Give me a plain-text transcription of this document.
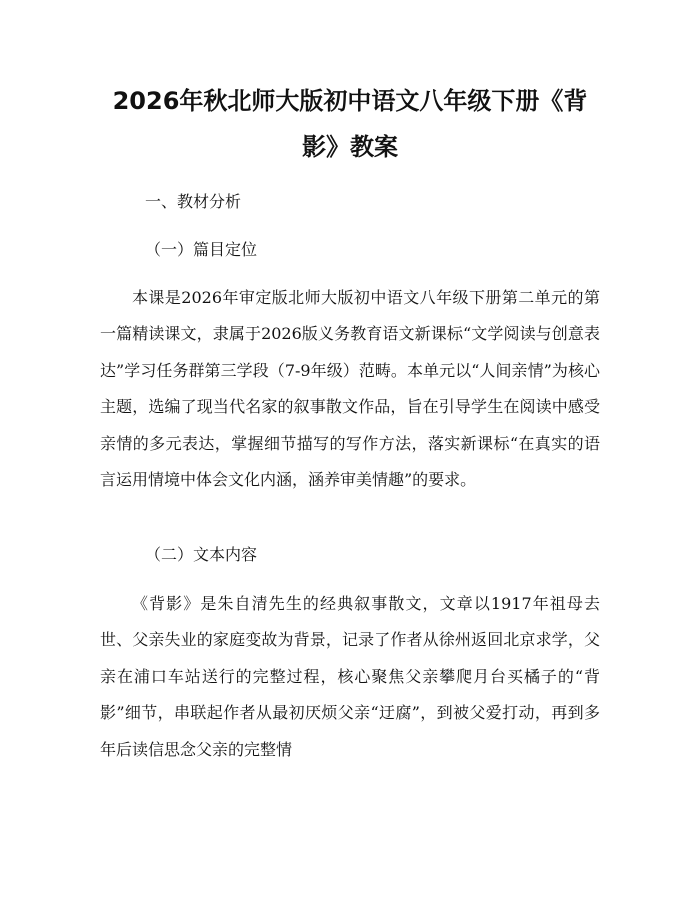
2026年秋北师大版初中语文八年级下册《背影》教案

一、教材分析

（一）篇目定位

本课是2026年审定版北师大版初中语文八年级下册第二单元的第一篇精读课文，隶属于2026版义务教育语文新课标“文学阅读与创意表达”学习任务群第三学段（7-9年级）范畴。本单元以“人间亲情”为核心主题，选编了现当代名家的叙事散文作品，旨在引导学生在阅读中感受亲情的多元表达，掌握细节描写的写作方法，落实新课标“在真实的语言运用情境中体会文化内涵，涵养审美情趣”的要求。

（二）文本内容

《背影》是朱自清先生的经典叙事散文，文章以1917年祖母去世、父亲失业的家庭变故为背景，记录了作者从徐州返回北京求学，父亲在浦口车站送行的完整过程，核心聚焦父亲攀爬月台买橘子的“背影”细节，串联起作者从最初厌烦父亲“迂腐”，到被父爱打动，再到多年后读信思念父亲的完整情
